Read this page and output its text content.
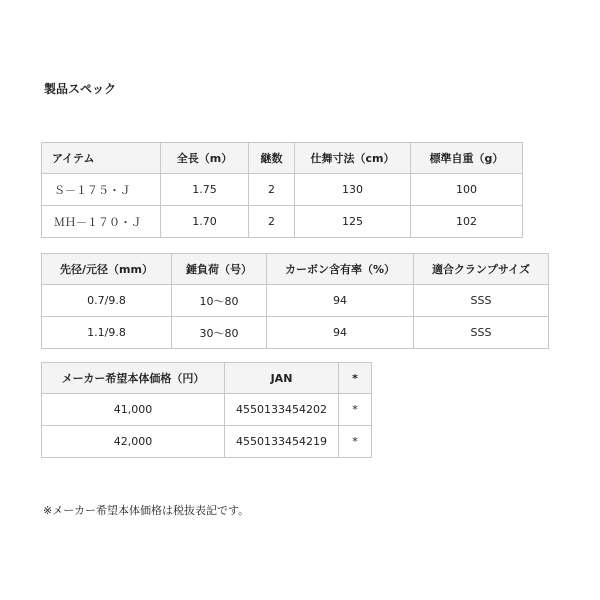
製品スペック
アイテム	全長（m）	継数	仕舞寸法（cm）	標準自重（g）
Ｓ－１７５・Ｊ	1.75	2	130	100
ＭＨ－１７０・Ｊ	1.70	2	125	102
先径/元径（mm）	錘負荷（号）	カーボン含有率（%）	適合クランプサイズ
0.7/9.8	10〜80	94	SSS
1.1/9.8	30〜80	94	SSS
メーカー希望本体価格（円）	JAN	*
41,000	4550133454202	*
42,000	4550133454219	*
※メーカー希望本体価格は税抜表記です。
